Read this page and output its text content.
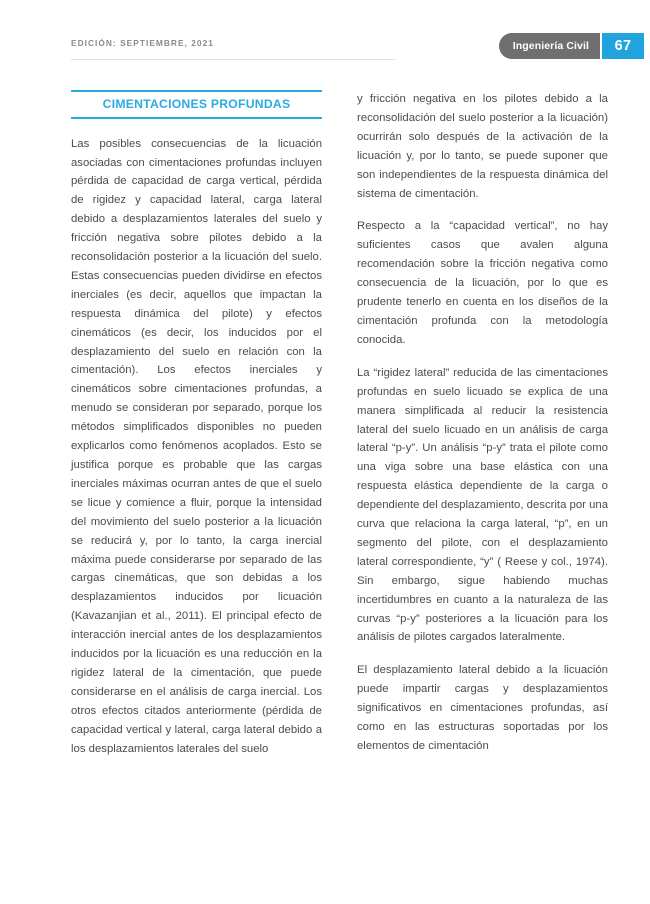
EDICIÓN: SEPTIEMBRE, 2021	Ingeniería Civil	67
CIMENTACIONES PROFUNDAS

Las posibles consecuencias de la licuación asociadas con cimentaciones profundas incluyen pérdida de capacidad de carga vertical, pérdida de rigidez y capacidad lateral, carga lateral debido a desplazamientos laterales del suelo y fricción negativa sobre pilotes debido a la reconsolidación posterior a la licuación del suelo. Estas consecuencias pueden dividirse en efectos inerciales (es decir, aquellos que impactan la respuesta dinámica del pilote) y efectos cinemáticos (es decir, los inducidos por el desplazamiento del suelo en relación con la cimentación). Los efectos inerciales y cinemáticos sobre cimentaciones profundas, a menudo se consideran por separado, porque los métodos simplificados disponibles no pueden explicarlos como fenómenos acoplados. Esto se justifica porque es probable que las cargas inerciales máximas ocurran antes de que el suelo se licue y comience a fluir, porque la intensidad del movimiento del suelo posterior a la licuación se reducirá y, por lo tanto, la carga inercial máxima puede considerarse por separado de las cargas cinemáticas, que son debidas a los desplazamientos inducidos por licuación (Kavazanjian et al., 2011). El principal efecto de interacción inercial antes de los desplazamientos inducidos por la licuación es una reducción en la rigidez lateral de la cimentación, que puede considerarse en el análisis de carga inercial. Los otros efectos citados anteriormente (pérdida de capacidad vertical y lateral, carga lateral debido a los desplazamientos laterales del suelo

y fricción negativa en los pilotes debido a la reconsolidación del suelo posterior a la licuación) ocurrirán solo después de la activación de la licuación y, por lo tanto, se puede suponer que son independientes de la respuesta dinámica del sistema de cimentación.

Respecto a la “capacidad vertical”, no hay suficientes casos que avalen alguna recomendación sobre la fricción negativa como consecuencia de la licuación, por lo que es prudente tenerlo en cuenta en los diseños de la cimentación profunda con la metodología conocida.

La “rigidez lateral” reducida de las cimentaciones profundas en suelo licuado se explica de una manera simplificada al reducir la resistencia lateral del suelo licuado en un análisis de carga lateral “p-y”. Un análisis “p-y” trata el pilote como una viga sobre una base elástica con una respuesta elástica dependiente de la carga o dependiente del desplazamiento, descrita por una curva que relaciona la carga lateral, “p”, en un segmento del pilote, con el desplazamiento lateral correspondiente, “y” ( Reese y col., 1974). Sin embargo, sigue habiendo muchas incertidumbres en cuanto a la naturaleza de las curvas “p-y” posteriores a la licuación para los análisis de pilotes cargados lateralmente.

El desplazamiento lateral debido a la licuación puede impartir cargas y desplazamientos significativos en cimentaciones profundas, así como en las estructuras soportadas por los elementos de cimentación
